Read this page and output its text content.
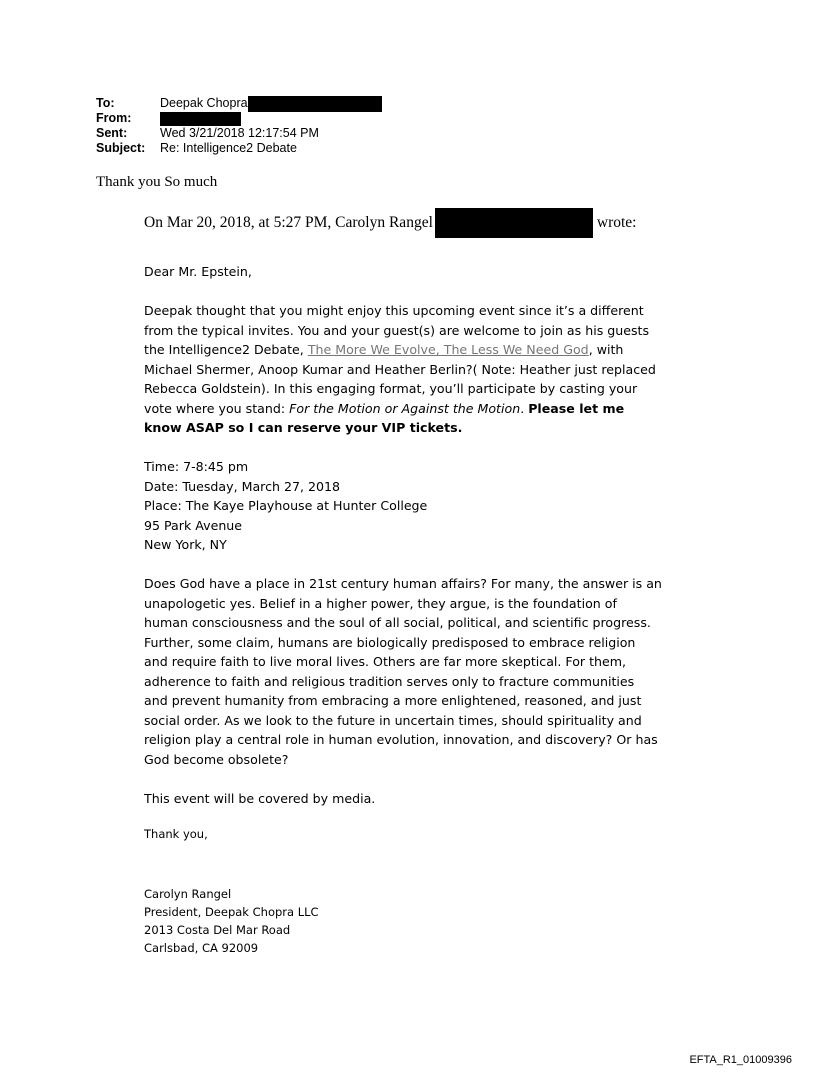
To:	Deepak Chopra
From:
Sent:	Wed 3/21/2018 12:17:54 PM
Subject:	Re: Intelligence2 Debate
Thank you So much
On Mar 20, 2018, at 5:27 PM, Carolyn Rangel	wrote:

Dear Mr. Epstein,

Deepak thought that you might enjoy this upcoming event since it’s a different

from the typical invites. You and your guest(s) are welcome to join as his guests

the Intelligence2 Debate, The More We Evolve, The Less We Need God, with

Michael Shermer, Anoop Kumar and Heather Berlin?( Note: Heather just replaced

Rebecca Goldstein). In this engaging format, you’ll participate by casting your

vote where you stand: For the Motion or Against the Motion. Please let me

know ASAP so I can reserve your VIP tickets.

Time: 7-8:45 pm

Date: Tuesday, March 27, 2018

Place: The Kaye Playhouse at Hunter College

95 Park Avenue

New York, NY

Does God have a place in 21st century human affairs? For many, the answer is an

unapologetic yes. Belief in a higher power, they argue, is the foundation of

human consciousness and the soul of all social, political, and scientific progress.

Further, some claim, humans are biologically predisposed to embrace religion

and require faith to live moral lives. Others are far more skeptical. For them,

adherence to faith and religious tradition serves only to fracture communities

and prevent humanity from embracing a more enlightened, reasoned, and just

social order. As we look to the future in uncertain times, should spirituality and

religion play a central role in human evolution, innovation, and discovery? Or has

God become obsolete?

This event will be covered by media.

Thank you,

Carolyn Rangel
President, Deepak Chopra LLC
2013 Costa Del Mar Road
Carlsbad, CA 92009
EFTA_R1_01009396
